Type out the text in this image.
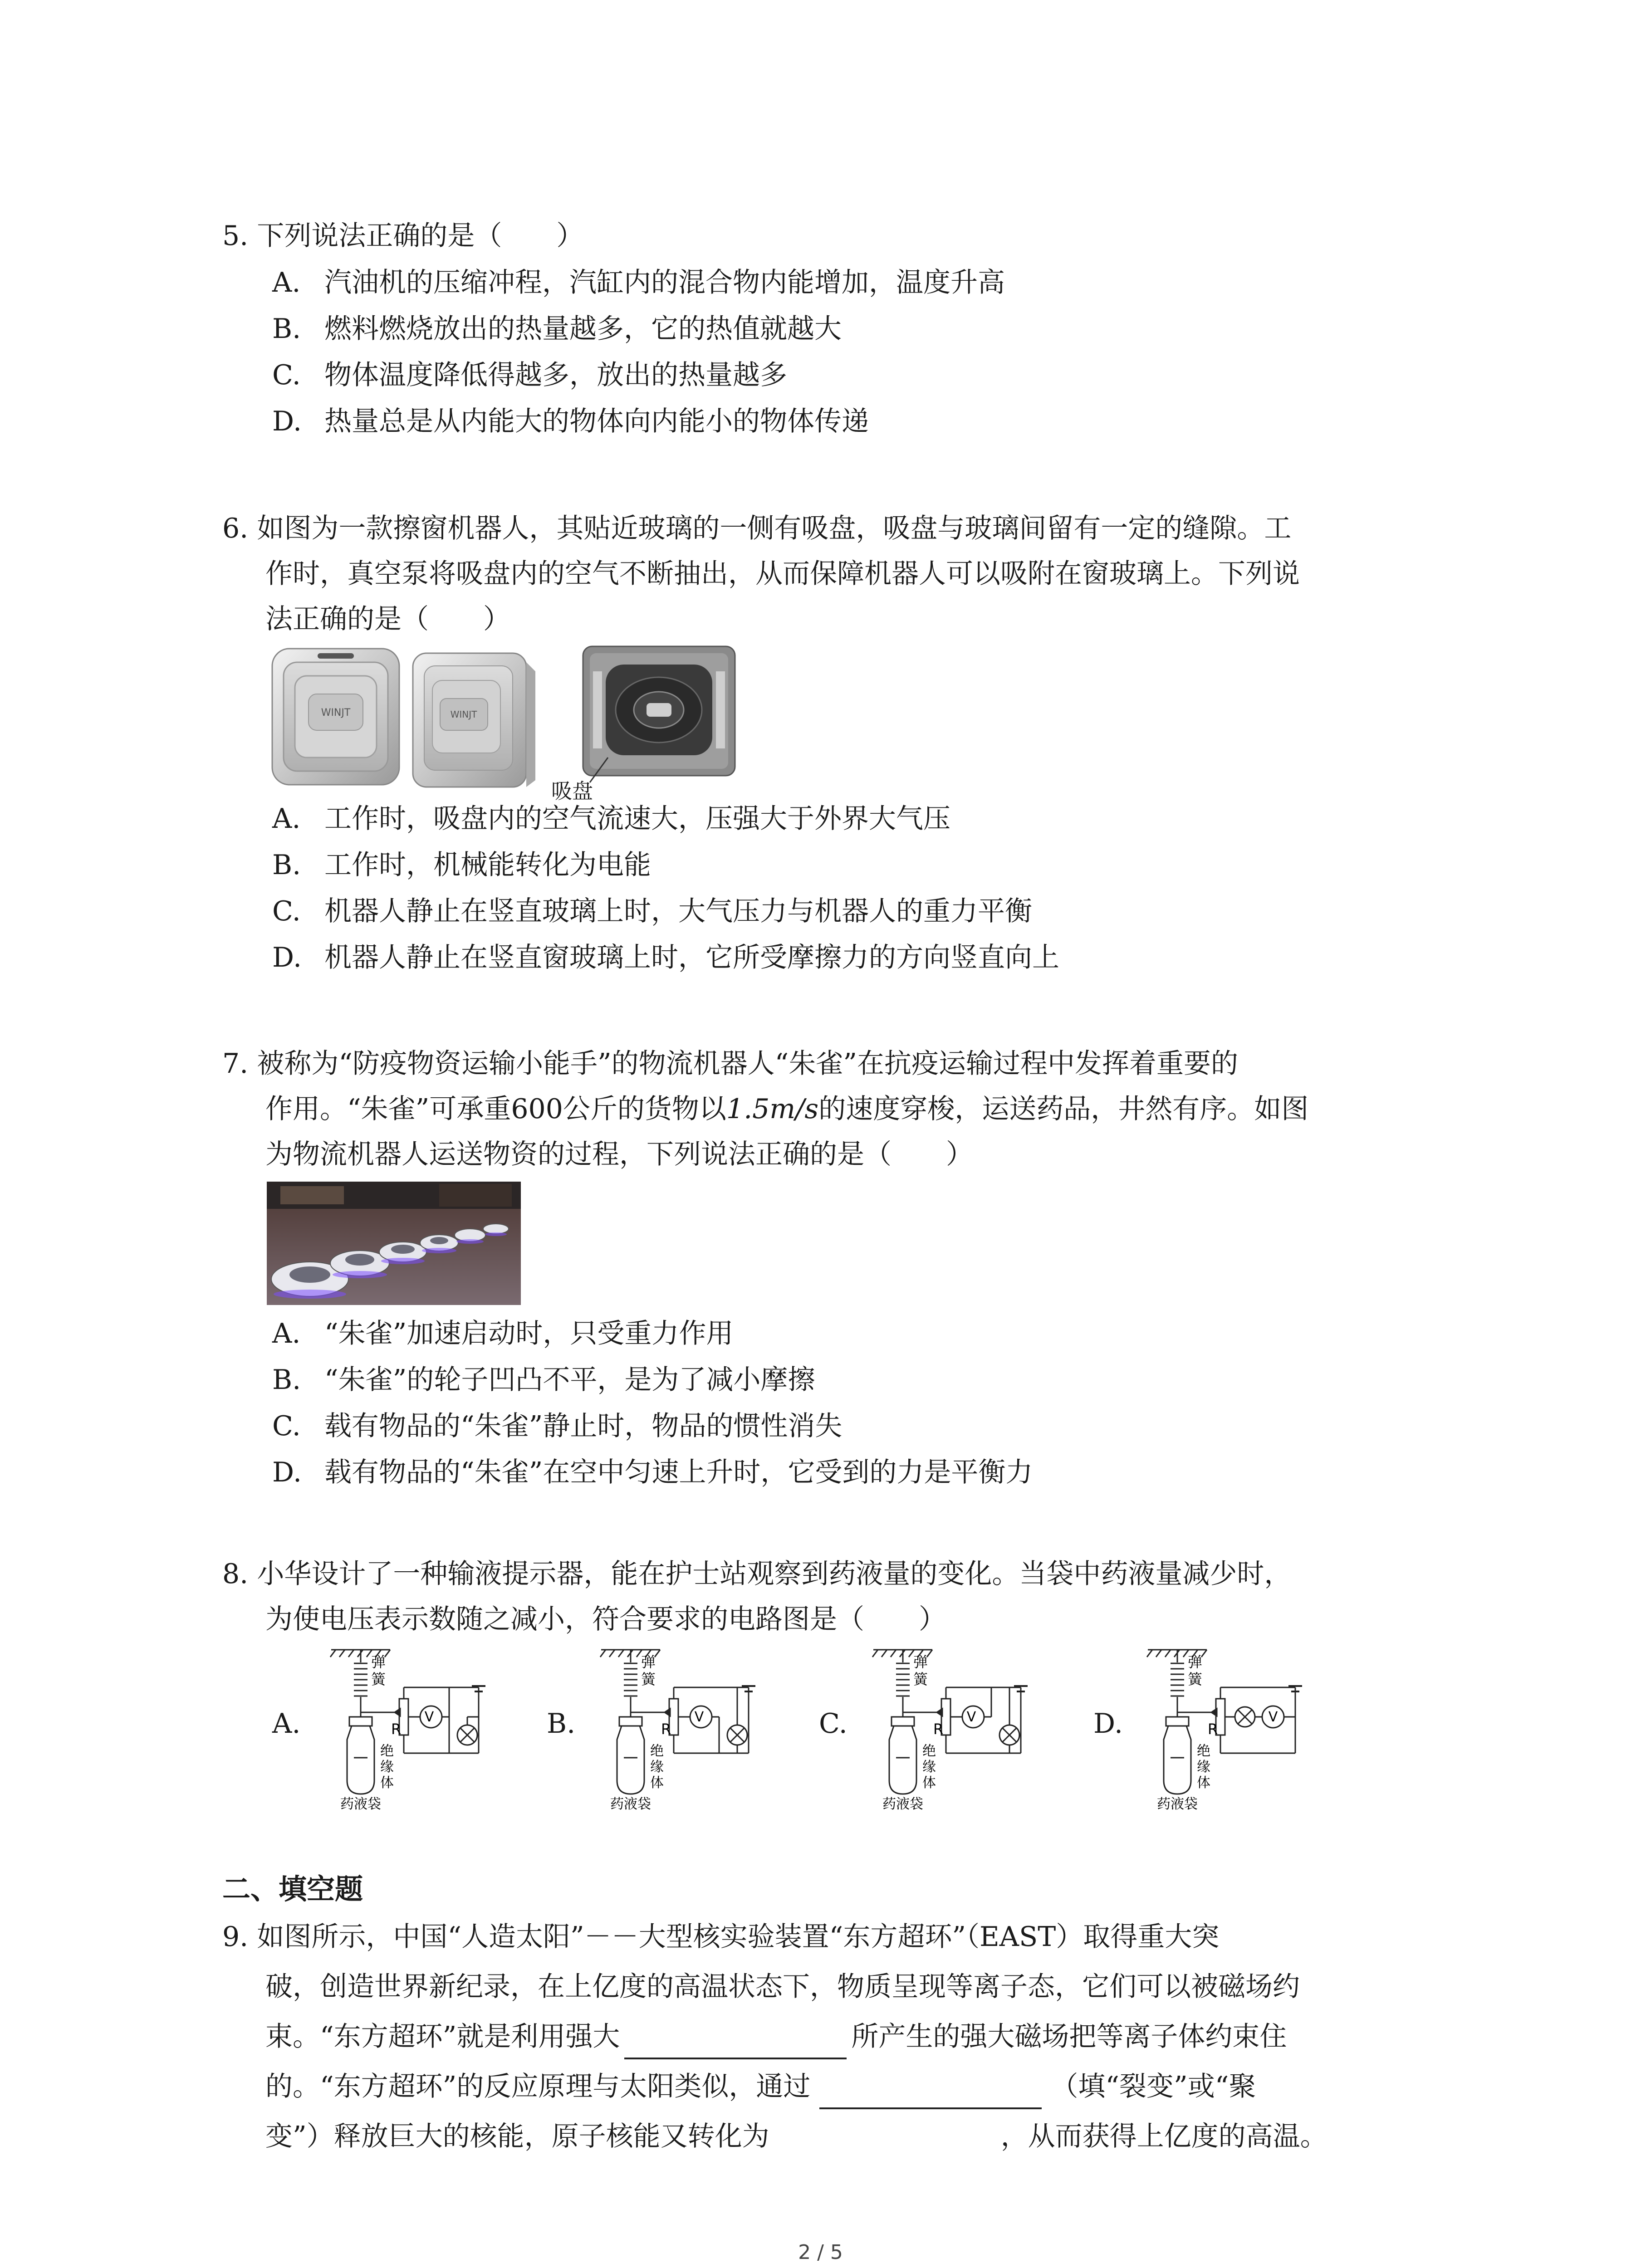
5. 下列说法正确的是（　　）
A. 汽油机的压缩冲程，汽缸内的混合物内能增加，温度升高
B. 燃料燃烧放出的热量越多，它的热值就越大
C. 物体温度降低得越多，放出的热量越多
D. 热量总是从内能大的物体向内能小的物体传递
6. 如图为一款擦窗机器人，其贴近玻璃的一侧有吸盘，吸盘与玻璃间留有一定的缝隙。工
作时，真空泵将吸盘内的空气不断抽出，从而保障机器人可以吸附在窗玻璃上。下列说
法正确的是（　　）
WINJT	WINJT
吸盘
A. 工作时，吸盘内的空气流速大，压强大于外界大气压
B. 工作时，机械能转化为电能
C. 机器人静止在竖直玻璃上时，大气压力与机器人的重力平衡
D. 机器人静止在竖直窗玻璃上时，它所受摩擦力的方向竖直向上
7. 被称为“防疫物资运输小能手”的物流机器人“朱雀”在抗疫运输过程中发挥着重要的
作用。“朱雀”可承重600公斤的货物以1.5m/s的速度穿梭，运送药品，井然有序。如图
为物流机器人运送物资的过程，下列说法正确的是（　　）
A. “朱雀”加速启动时，只受重力作用
B. “朱雀”的轮子凹凸不平，是为了减小摩擦
C. 载有物品的“朱雀”静止时，物品的惯性消失
D. 载有物品的“朱雀”在空中匀速上升时，它受到的力是平衡力
8. 小华设计了一种输液提示器，能在护士站观察到药液量的变化。当袋中药液量减少时，
为使电压表示数随之减小，符合要求的电路图是（　　）
A.	V
R
弹
簧
绝
缘
体
药液袋
B.	V
R
弹
簧
绝
缘
体
药液袋
C.	V
R
弹
簧
绝
缘
体
药液袋
D.	V
R
弹
簧
绝
缘
体
药液袋
二、填空题
9. 如图所示，中国“人造太阳”－－大型核实验装置“东方超环”（EAST）取得重大突
破，创造世界新纪录，在上亿度的高温状态下，物质呈现等离子态，它们可以被磁场约
束。“东方超环”就是利用强大	所产生的强大磁场把等离子体约束住
的。“东方超环”的反应原理与太阳类似，通过	（填“裂变”或“聚
变”）释放巨大的核能，原子核能又转化为	，从而获得上亿度的高温。
2 / 5
